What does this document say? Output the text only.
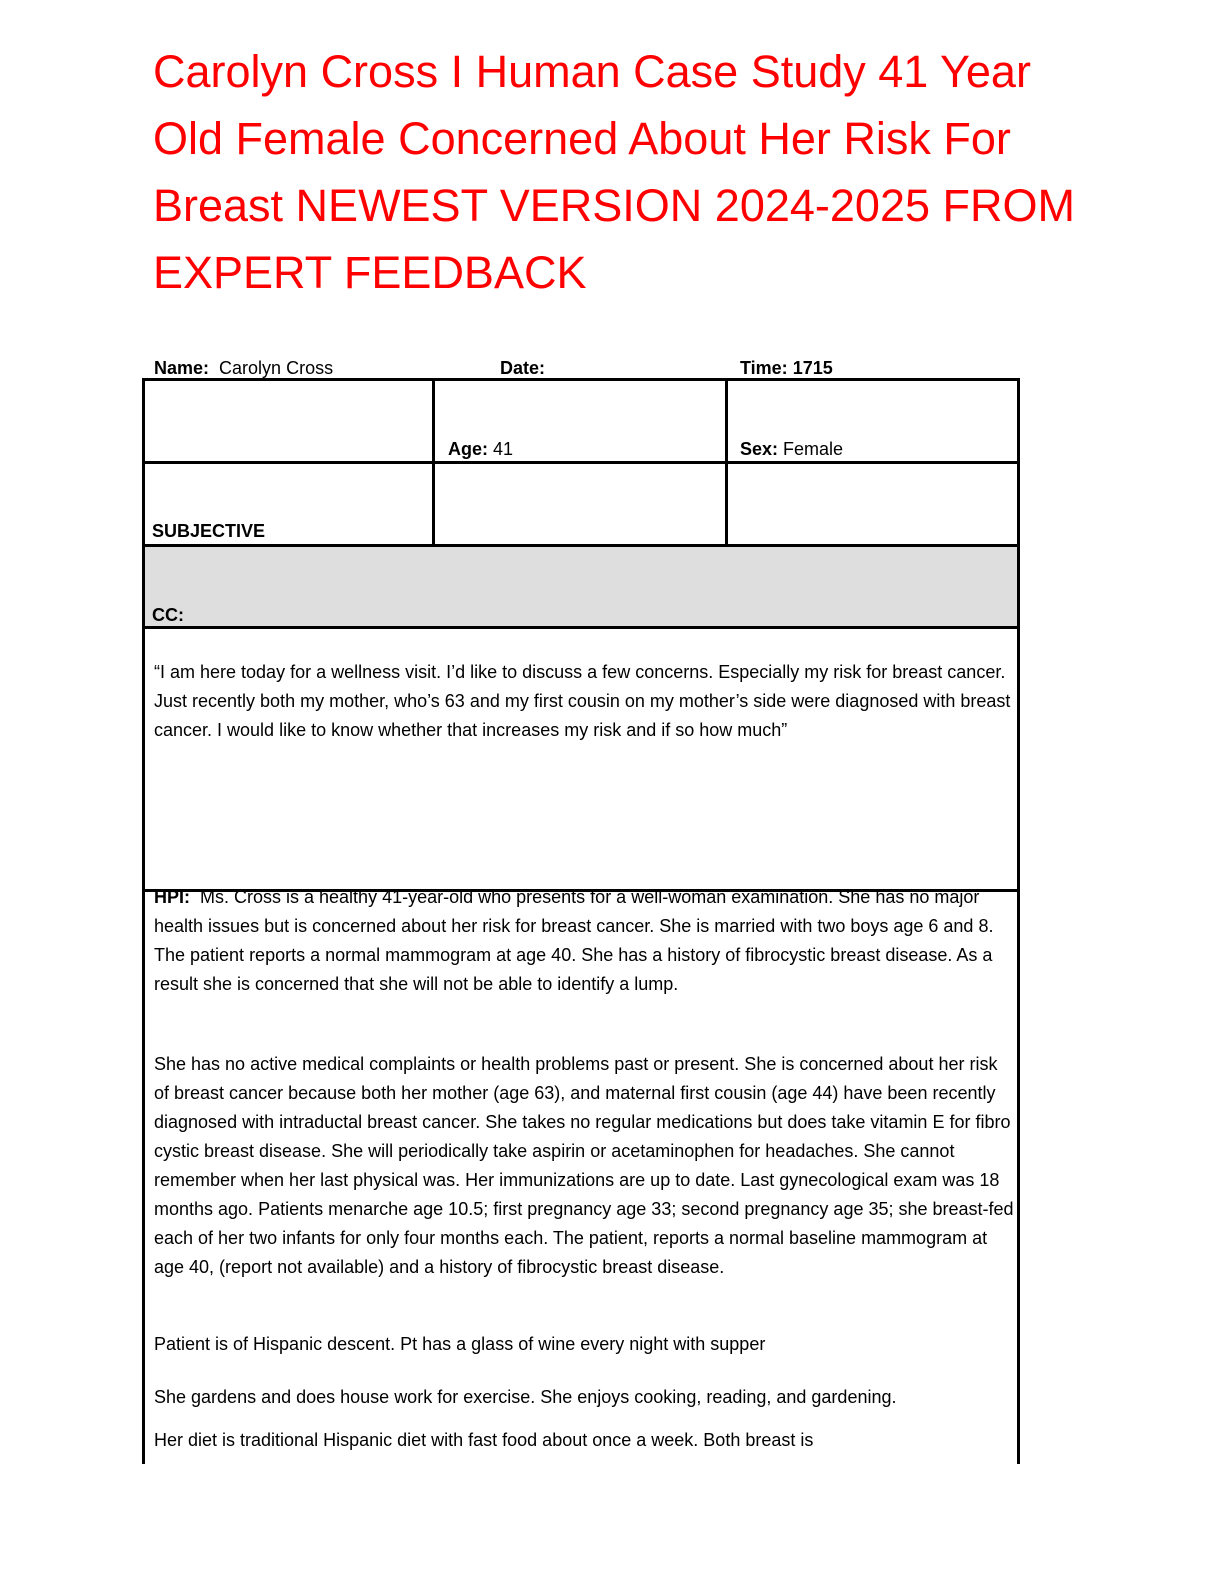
Carolyn Cross I Human Case Study 41 Year Old Female Concerned About Her Risk For Breast NEWEST VERSION 2024-2025 FROM EXPERT FEEDBACK
Name: Carolyn Cross	Date:	Time: 1715
Age: 41	Sex: Female
SUBJECTIVE
CC:

“I am here today for a wellness visit. I’d like to discuss a few concerns. Especially my risk for breast cancer. Just recently both my mother, who’s 63 and my first cousin on my mother’s side were diagnosed with breast cancer. I would like to know whether that increases my risk and if so how much”

HPI: Ms. Cross is a healthy 41-year-old who presents for a well-woman examination. She has no major health issues but is concerned about her risk for breast cancer. She is married with two boys age 6 and 8. The patient reports a normal mammogram at age 40. She has a history of fibrocystic breast disease. As a result she is concerned that she will not be able to identify a lump.

She has no active medical complaints or health problems past or present. She is concerned about her risk of breast cancer because both her mother (age 63), and maternal first cousin (age 44) have been recently diagnosed with intraductal breast cancer. She takes no regular medications but does take vitamin E for fibro cystic breast disease. She will periodically take aspirin or acetaminophen for headaches. She cannot remember when her last physical was. Her immunizations are up to date. Last gynecological exam was 18 months ago. Patients menarche age 10.5; first pregnancy age 33; second pregnancy age 35; she breast-fed each of her two infants for only four months each. The patient, reports a normal baseline mammogram at age 40, (report not available) and a history of fibrocystic breast disease.

Patient is of Hispanic descent. Pt has a glass of wine every night with supper

She gardens and does house work for exercise. She enjoys cooking, reading, and gardening.

Her diet is traditional Hispanic diet with fast food about once a week. Both breast is
